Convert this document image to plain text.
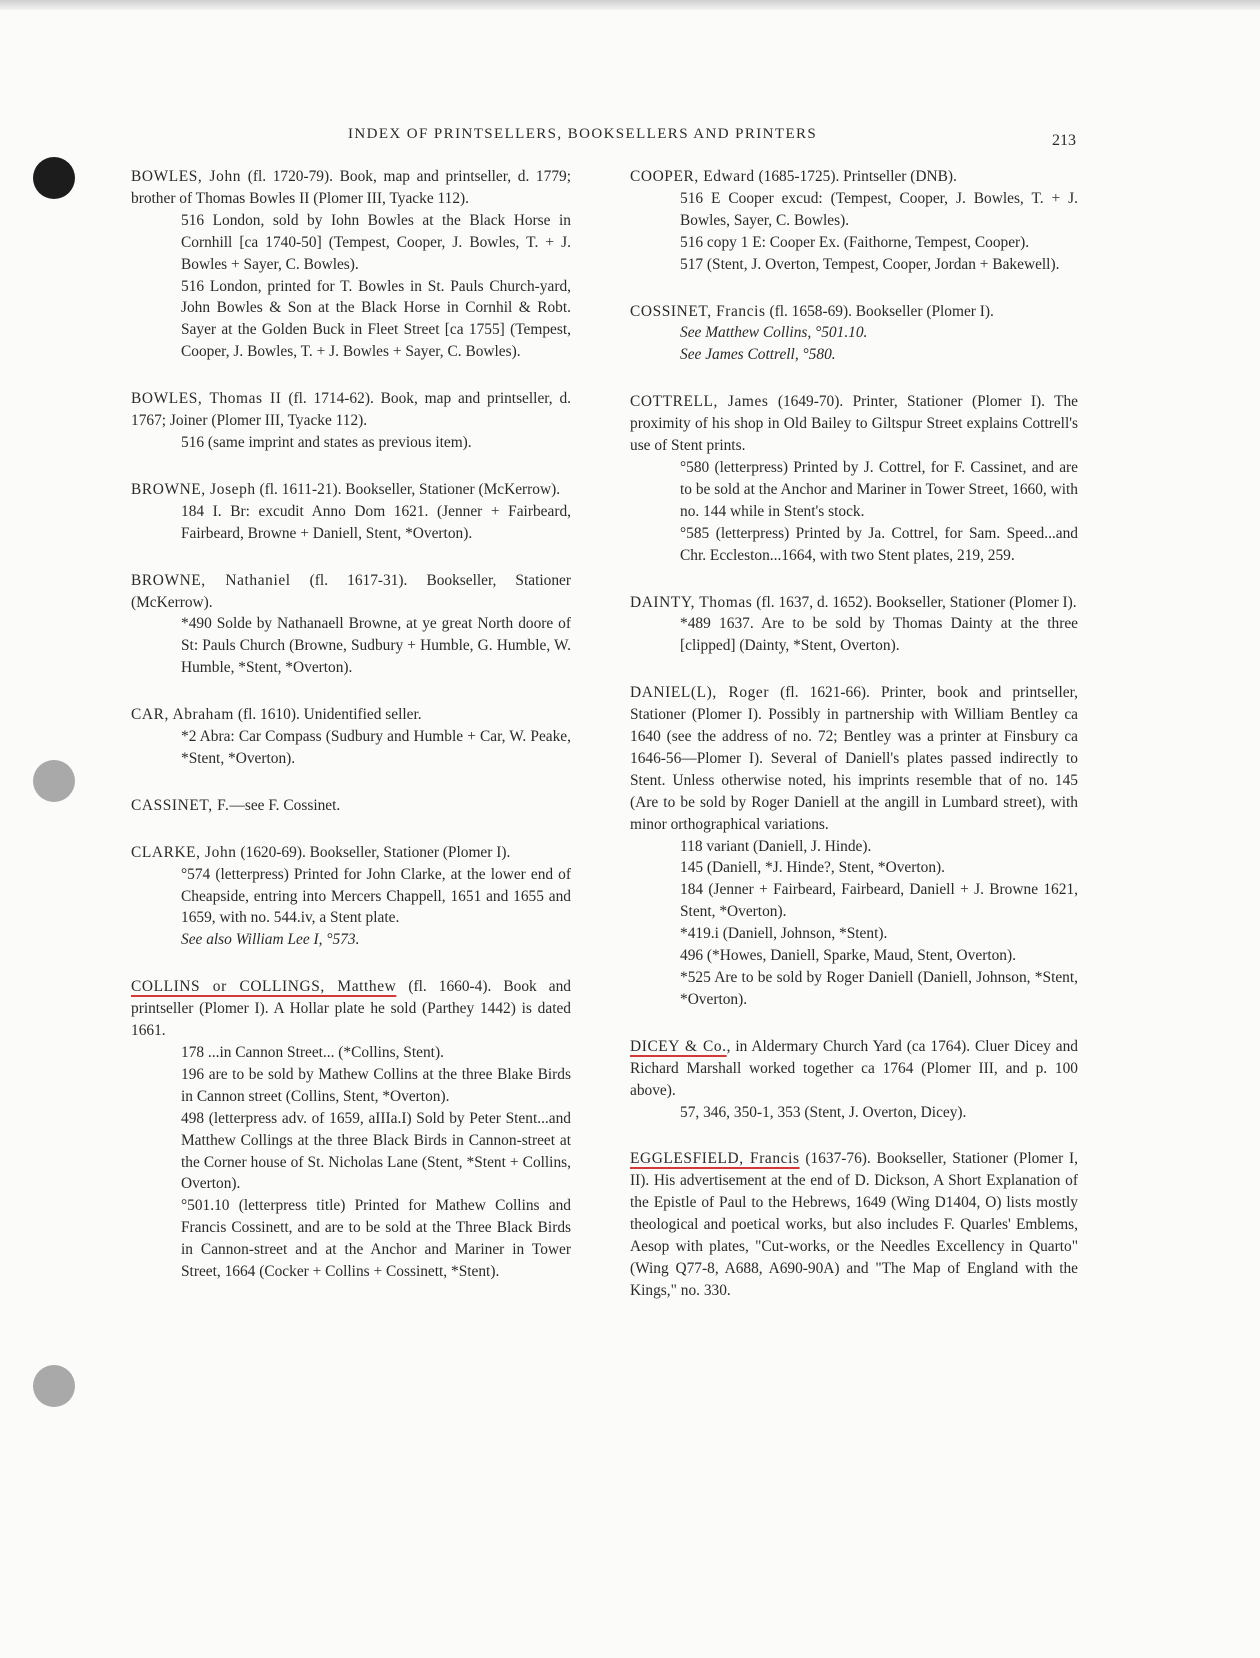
INDEX OF PRINTSELLERS, BOOKSELLERS AND PRINTERS	213

BOWLES, John (fl. 1720-79). Book, map and printseller, d. 1779; brother of Thomas Bowles II (Plomer III, Tyacke 112).

516 London, sold by Iohn Bowles at the Black Horse in Cornhill [ca 1740-50] (Tempest, Cooper, J. Bowles, T. + J. Bowles + Sayer, C. Bowles).

516 London, printed for T. Bowles in St. Pauls Church-yard, John Bowles & Son at the Black Horse in Cornhil & Robt. Sayer at the Golden Buck in Fleet Street [ca 1755] (Tempest, Cooper, J. Bowles, T. + J. Bowles + Sayer, C. Bowles).

BOWLES, Thomas II (fl. 1714-62). Book, map and printseller, d. 1767; Joiner (Plomer III, Tyacke 112).

516 (same imprint and states as previous item).

BROWNE, Joseph (fl. 1611-21). Bookseller, Stationer (McKerrow).

184 I. Br: excudit Anno Dom 1621. (Jenner + Fairbeard, Fairbeard, Browne + Daniell, Stent, *Overton).

BROWNE, Nathaniel (fl. 1617-31). Bookseller, Stationer (McKerrow).

*490 Solde by Nathanaell Browne, at ye great North doore of St: Pauls Church (Browne, Sudbury + Humble, G. Humble, W. Humble, *Stent, *Overton).

CAR, Abraham (fl. 1610). Unidentified seller.

*2 Abra: Car Compass (Sudbury and Humble + Car, W. Peake, *Stent, *Overton).

CASSINET, F.—see F. Cossinet.

CLARKE, John (1620-69). Bookseller, Stationer (Plomer I).

°574 (letterpress) Printed for John Clarke, at the lower end of Cheapside, entring into Mercers Chappell, 1651 and 1655 and 1659, with no. 544.iv, a Stent plate.

See also William Lee I, °573.

COLLINS or COLLINGS, Matthew (fl. 1660-4). Book and printseller (Plomer I). A Hollar plate he sold (Parthey 1442) is dated 1661.

178 ...in Cannon Street... (*Collins, Stent).

196 are to be sold by Mathew Collins at the three Blake Birds in Cannon street (Collins, Stent, *Overton).

498 (letterpress adv. of 1659, aIIIa.I) Sold by Peter Stent...and Matthew Collings at the three Black Birds in Cannon-street at the Corner house of St. Nicholas Lane (Stent, *Stent + Collins, Overton).

°501.10 (letterpress title) Printed for Mathew Collins and Francis Cossinett, and are to be sold at the Three Black Birds in Cannon-street and at the Anchor and Mariner in Tower Street, 1664 (Cocker + Collins + Cossinett, *Stent).

COOPER, Edward (1685-1725). Printseller (DNB).

516 E Cooper excud: (Tempest, Cooper, J. Bowles, T. + J. Bowles, Sayer, C. Bowles).

516 copy 1 E: Cooper Ex. (Faithorne, Tempest, Cooper).

517 (Stent, J. Overton, Tempest, Cooper, Jordan + Bakewell).

COSSINET, Francis (fl. 1658-69). Bookseller (Plomer I).

See Matthew Collins, °501.10.

See James Cottrell, °580.

COTTRELL, James (1649-70). Printer, Stationer (Plomer I). The proximity of his shop in Old Bailey to Giltspur Street explains Cottrell's use of Stent prints.

°580 (letterpress) Printed by J. Cottrel, for F. Cassinet, and are to be sold at the Anchor and Mariner in Tower Street, 1660, with no. 144 while in Stent's stock.

°585 (letterpress) Printed by Ja. Cottrel, for Sam. Speed...and Chr. Eccleston...1664, with two Stent plates, 219, 259.

DAINTY, Thomas (fl. 1637, d. 1652). Bookseller, Stationer (Plomer I).

*489 1637. Are to be sold by Thomas Dainty at the three [clipped] (Dainty, *Stent, Overton).

DANIEL(L), Roger (fl. 1621-66). Printer, book and printseller, Stationer (Plomer I). Possibly in partnership with William Bentley ca 1640 (see the address of no. 72; Bentley was a printer at Finsbury ca 1646-56—Plomer I). Several of Daniell's plates passed indirectly to Stent. Unless otherwise noted, his imprints resemble that of no. 145 (Are to be sold by Roger Daniell at the angill in Lumbard street), with minor orthographical variations.

118 variant (Daniell, J. Hinde).

145 (Daniell, *J. Hinde?, Stent, *Overton).

184 (Jenner + Fairbeard, Fairbeard, Daniell + J. Browne 1621, Stent, *Overton).

*419.i (Daniell, Johnson, *Stent).

496 (*Howes, Daniell, Sparke, Maud, Stent, Overton).

*525 Are to be sold by Roger Daniell (Daniell, Johnson, *Stent, *Overton).

DICEY & Co., in Aldermary Church Yard (ca 1764). Cluer Dicey and Richard Marshall worked together ca 1764 (Plomer III, and p. 100 above).

57, 346, 350-1, 353 (Stent, J. Overton, Dicey).

EGGLESFIELD, Francis (1637-76). Bookseller, Stationer (Plomer I, II). His advertisement at the end of D. Dickson, A Short Explanation of the Epistle of Paul to the Hebrews, 1649 (Wing D1404, O) lists mostly theological and poetical works, but also includes F. Quarles' Emblems, Aesop with plates, "Cut-works, or the Needles Excellency in Quarto" (Wing Q77-8, A688, A690-90A) and "The Map of England with the Kings," no. 330.
